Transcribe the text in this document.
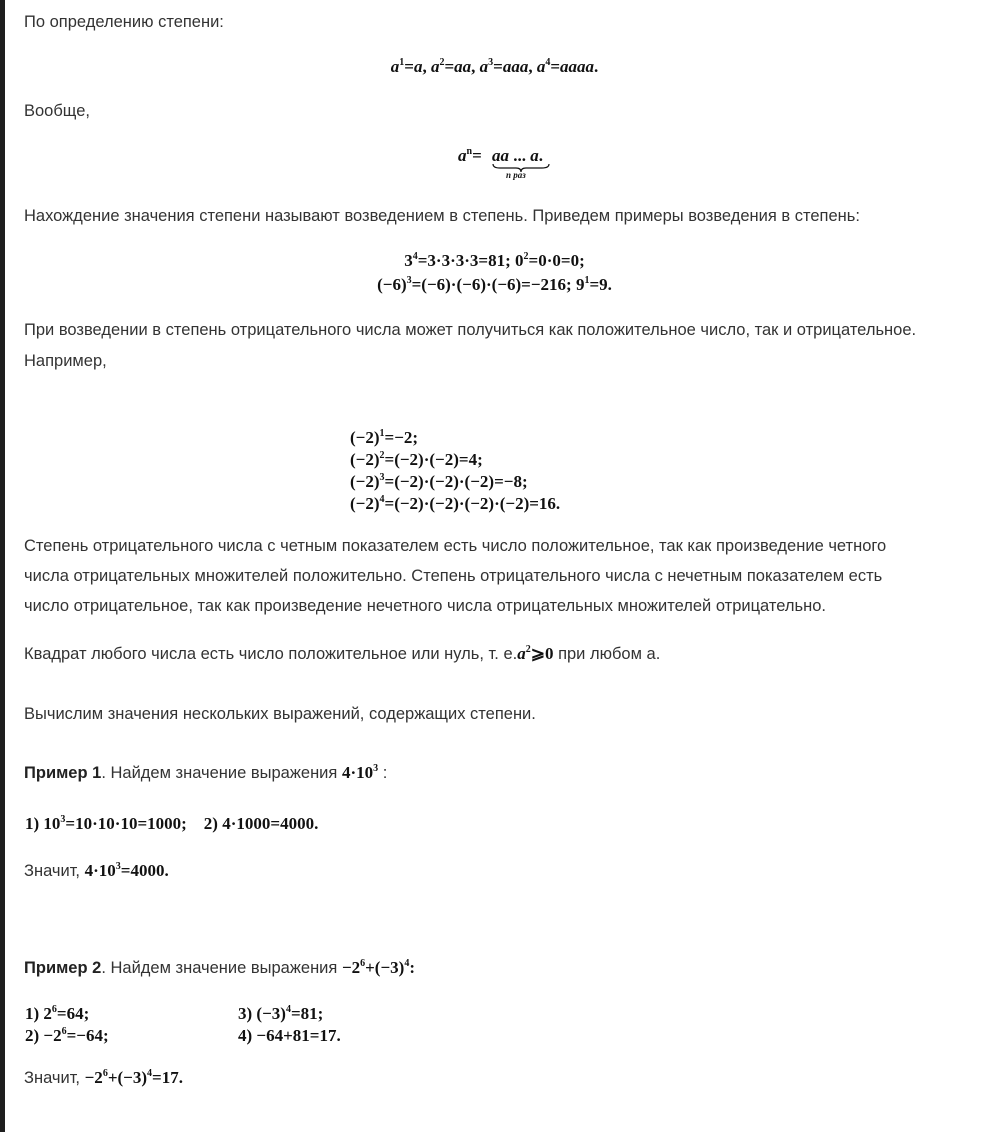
По определению степени:

$a^1=a$, $a^2=aa$, $a^3=aaa$, $a^4=aaaa$.

Вообще,

$a^n=$ aa ... a.
n раз

Нахождение значения степени называют возведением в степень. Приведем примеры возведения в степень:

$3^4=3\cdot 3\cdot 3\cdot 3=81$; $0^2=0\cdot 0=0$;
$(-6)^3=(-6)\cdot(-6)\cdot(-6)=-216$; $9^1=9$.

При возведении в степень отрицательного числа может получиться как положительное число, так и отрицательное.

Например,

$(-2)^1=-2$;
$(-2)^2=(-2)\cdot(-2)=4$;
$(-2)^3=(-2)\cdot(-2)\cdot(-2)=-8$;
$(-2)^4=(-2)\cdot(-2)\cdot(-2)\cdot(-2)=16$.

Степень отрицательного числа с четным показателем есть число положительное, так как произведение четного

числа отрицательных множителей положительно. Степень отрицательного числа с нечетным показателем есть

число отрицательное, так как произведение нечетного числа отрицательных множителей отрицательно.

Квадрат любого числа есть число положительное или нуль, т. $е.a^2⩾0$ при любом а.

Вычислим значения нескольких выражений, содержащих степени.

Пример 1. Найдем значение выражения $4\cdot 10^3$ :

1) $10^3=10\cdot 10\cdot 10=1000$;    2) 4·1000=4000.

Значит, $4\cdot 10^3=4000$.

Пример 2. Найдем значение выражения $-2^6+(-3)^4$:

1) $2^6=64$;
$2) -2^6=-64$;
3) $(-3)^4=81$;
4) −64+81=17.

Значит, $-2^6+(-3)^4=17$.
